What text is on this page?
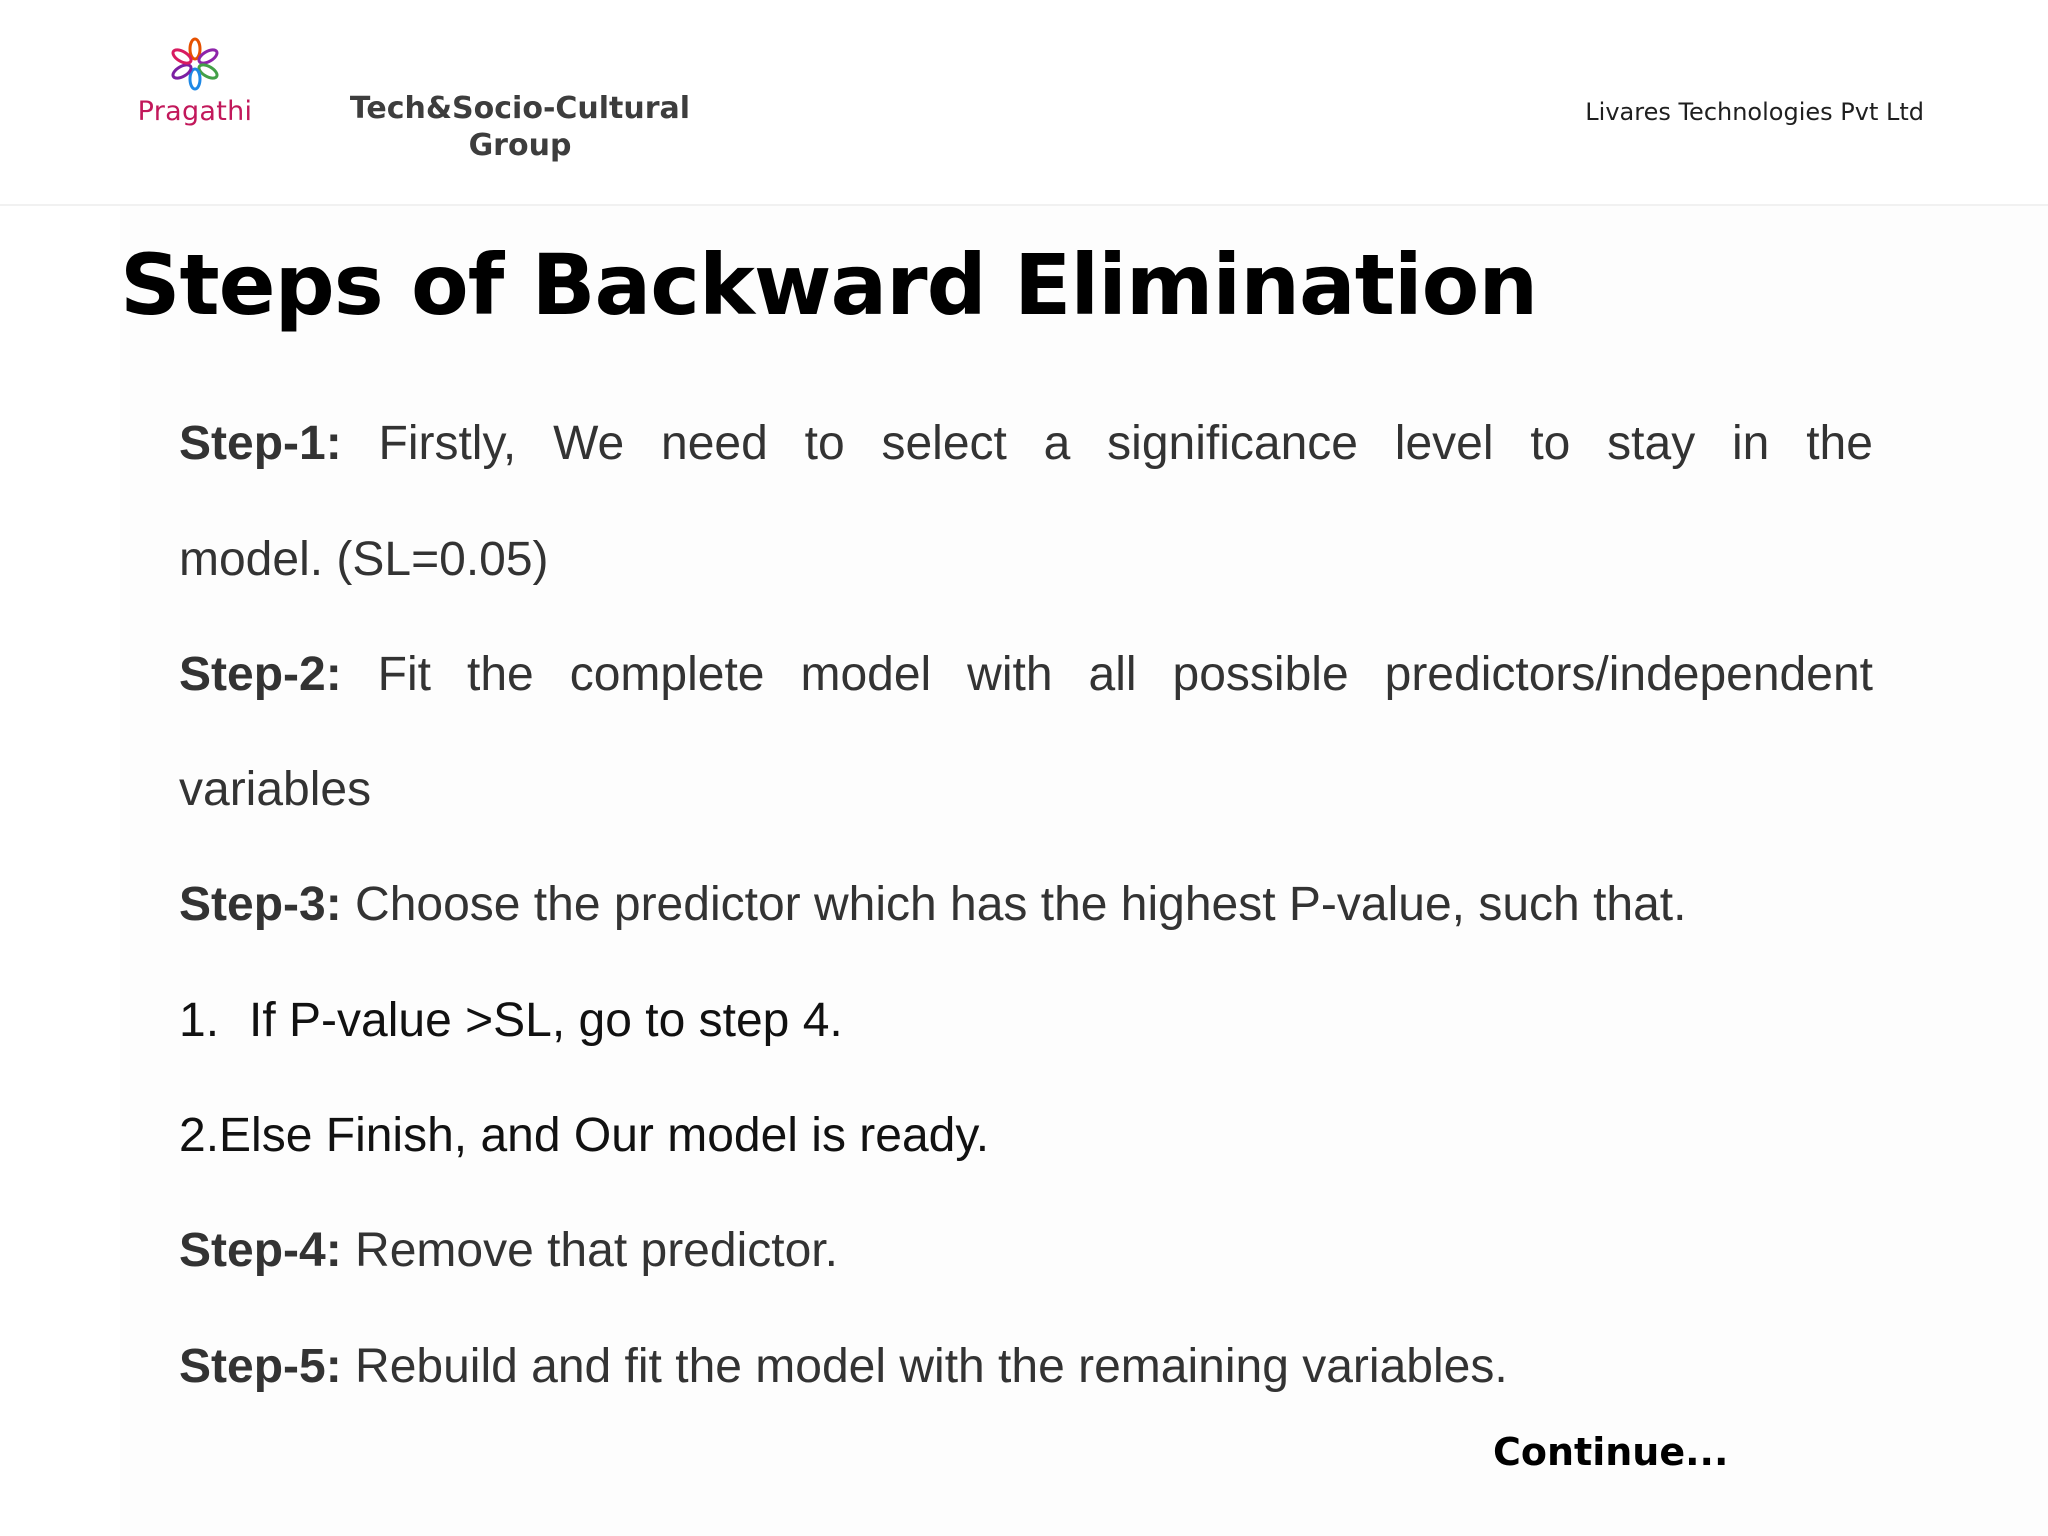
Pragathi	Tech&Socio-Cultural
Group
Livares Technologies Pvt Ltd
Steps of Backward Elimination
Step-1: Firstly, We need to select a significance level to stay in the
model. (SL=0.05)
Step-2: Fit the complete model with all possible predictors/independent
variables
Step-3: Choose the predictor which has the highest P-value, such that.
1. If P-value >SL, go to step 4.
2.Else Finish, and Our model is ready.
Step-4: Remove that predictor.
Step-5: Rebuild and fit the model with the remaining variables.
Continue...
